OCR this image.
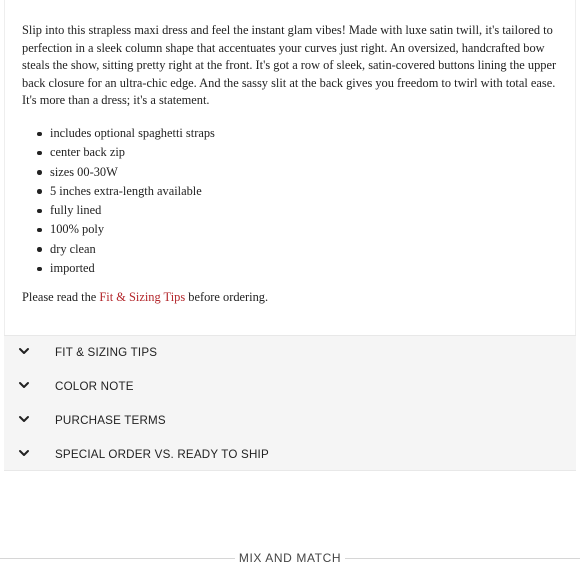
Slip into this strapless maxi dress and feel the instant glam vibes! Made with luxe satin twill, it's tailored to perfection in a sleek column shape that accentuates your curves just right. An oversized, handcrafted bow steals the show, sitting pretty right at the front. It's got a row of sleek, satin-covered buttons lining the upper back closure for an ultra-chic edge. And the sassy slit at the back gives you freedom to twirl with total ease. It's more than a dress; it's a statement.

includes optional spaghetti straps
center back zip
sizes 00-30W
5 inches extra-length available
fully lined
100% poly
dry clean
imported

Please read the Fit & Sizing Tips before ordering.

FIT & SIZING TIPS
COLOR NOTE
PURCHASE TERMS
SPECIAL ORDER VS. READY TO SHIP
MIX AND MATCH
